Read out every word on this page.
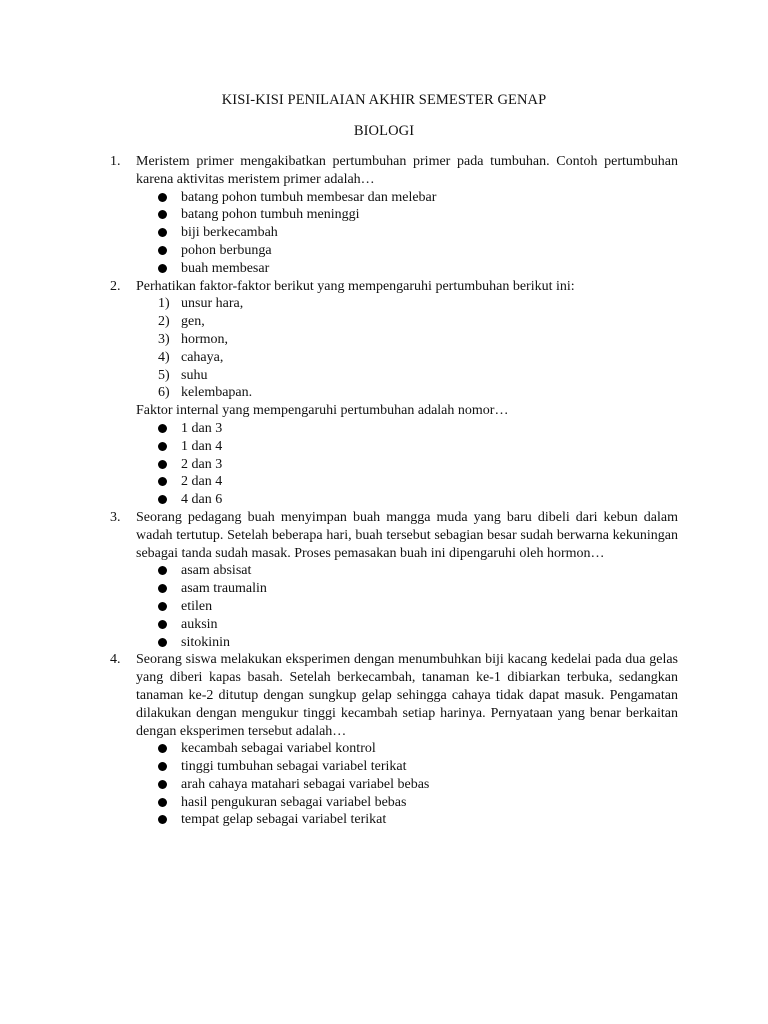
KISI-KISI PENILAIAN AKHIR SEMESTER GENAP
BIOLOGI
1. Meristem primer mengakibatkan pertumbuhan primer pada tumbuhan. Contoh pertumbuhan karena aktivitas meristem primer adalah…
batang pohon tumbuh membesar dan melebar
batang pohon tumbuh meninggi
biji berkecambah
pohon berbunga
buah membesar
2. Perhatikan faktor-faktor berikut yang mempengaruhi pertumbuhan berikut ini:
1) unsur hara,
2) gen,
3) hormon,
4) cahaya,
5) suhu
6) kelembapan.
Faktor internal yang mempengaruhi pertumbuhan adalah nomor…
1 dan 3
1 dan 4
2 dan 3
2 dan 4
4 dan 6
3. Seorang pedagang buah menyimpan buah mangga muda yang baru dibeli dari kebun dalam wadah tertutup. Setelah beberapa hari, buah tersebut sebagian besar sudah berwarna kekuningan sebagai tanda sudah masak. Proses pemasakan buah ini dipengaruhi oleh hormon…
asam absisat
asam traumalin
etilen
auksin
sitokinin
4. Seorang siswa melakukan eksperimen dengan menumbuhkan biji kacang kedelai pada dua gelas yang diberi kapas basah. Setelah berkecambah, tanaman ke-1 dibiarkan terbuka, sedangkan tanaman ke-2 ditutup dengan sungkup gelap sehingga cahaya tidak dapat masuk. Pengamatan dilakukan dengan mengukur tinggi kecambah setiap harinya. Pernyataan yang benar berkaitan dengan eksperimen tersebut adalah…
kecambah sebagai variabel kontrol
tinggi tumbuhan sebagai variabel terikat
arah cahaya matahari sebagai variabel bebas
hasil pengukuran sebagai variabel bebas
tempat gelap sebagai variabel terikat
